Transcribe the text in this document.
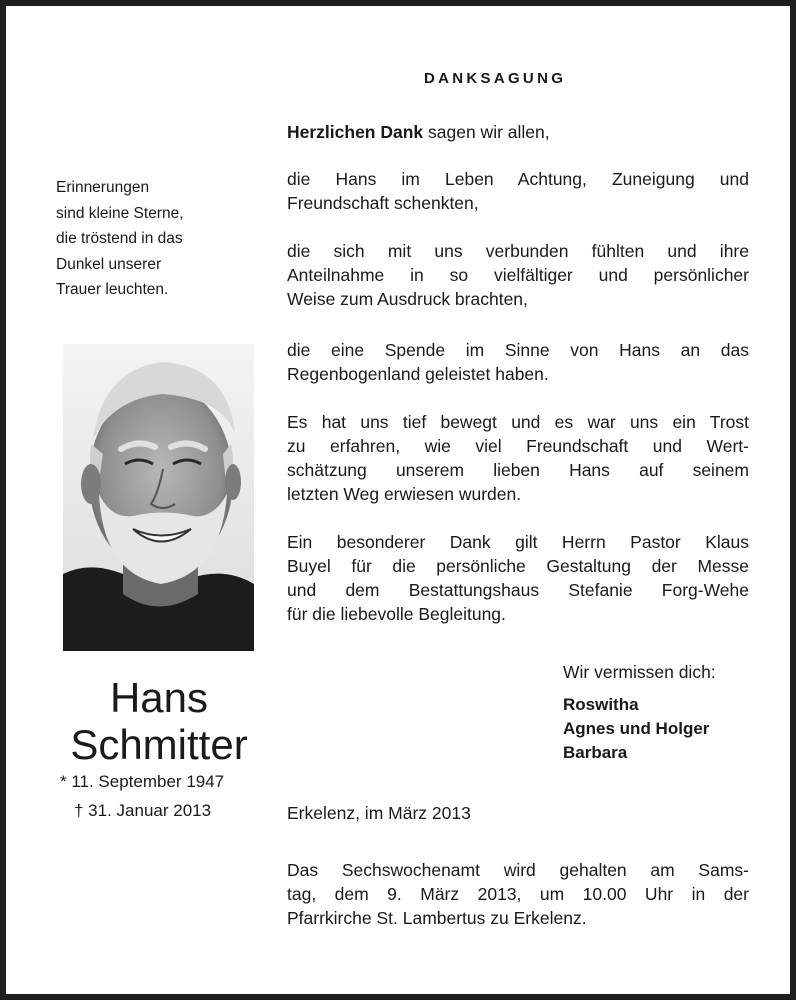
DANKSAGUNG
Erinnerungen
sind kleine Sterne,
die tröstend in das
Dunkel unserer
Trauer leuchten.
Hans
Schmitter
* 11. September 1947
† 31. Januar 2013
Herzlichen Dank sagen wir allen,
die Hans im Leben Achtung, Zuneigung und
Freundschaft schenkten,
die sich mit uns verbunden fühlten und ihre
Anteilnahme in so vielfältiger und persönlicher
Weise zum Ausdruck brachten,
die eine Spende im Sinne von Hans an das
Regenbogenland geleistet haben.
Es hat uns tief bewegt und es war uns ein Trost
zu erfahren, wie viel Freundschaft und Wert-
schätzung unserem lieben Hans auf seinem
letzten Weg erwiesen wurden.
Ein besonderer Dank gilt Herrn Pastor Klaus
Buyel für die persönliche Gestaltung der Messe
und dem Bestattungshaus Stefanie Forg-Wehe
für die liebevolle Begleitung.
Wir vermissen dich:
Roswitha
Agnes und Holger
Barbara
Erkelenz, im März 2013
Das Sechswochenamt wird gehalten am Sams-
tag, dem 9. März 2013, um 10.00 Uhr in der
Pfarrkirche St. Lambertus zu Erkelenz.
